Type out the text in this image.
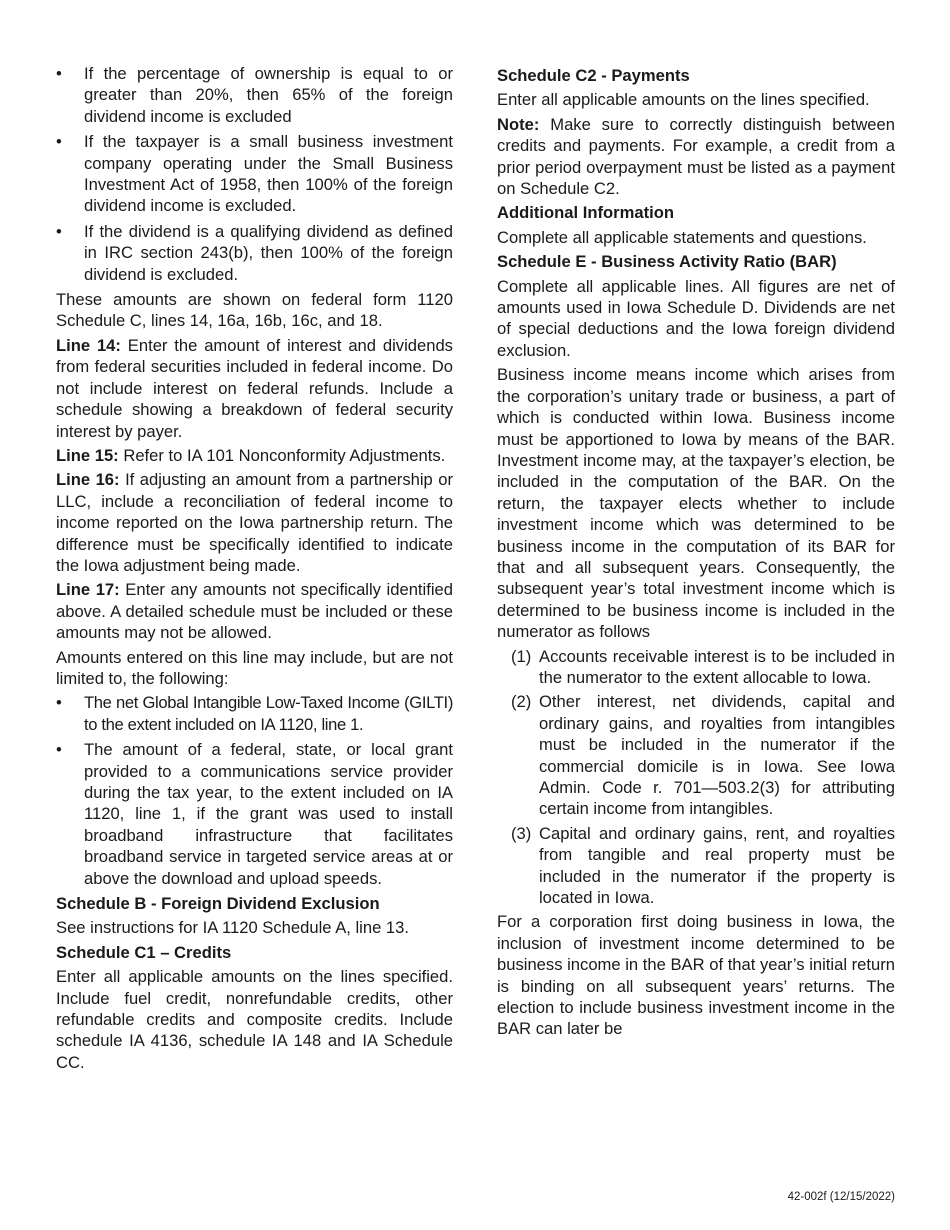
• If the percentage of ownership is equal to or greater than 20%, then 65% of the foreign dividend income is excluded
• If the taxpayer is a small business investment company operating under the Small Business Investment Act of 1958, then 100% of the foreign dividend income is excluded.
• If the dividend is a qualifying dividend as defined in IRC section 243(b), then 100% of the foreign dividend is excluded.

These amounts are shown on federal form 1120 Schedule C, lines 14, 16a, 16b, 16c, and 18.

Line 14: Enter the amount of interest and dividends from federal securities included in federal income. Do not include interest on federal refunds. Include a schedule showing a breakdown of federal security interest by payer.

Line 15: Refer to IA 101 Nonconformity Adjustments.

Line 16: If adjusting an amount from a partnership or LLC, include a reconciliation of federal income to income reported on the Iowa partnership return. The difference must be specifically identified to indicate the Iowa adjustment being made.

Line 17: Enter any amounts not specifically identified above. A detailed schedule must be included or these amounts may not be allowed.

Amounts entered on this line may include, but are not limited to, the following:

• The net Global Intangible Low-Taxed Income (GILTI) to the extent included on IA 1120, line 1.
• The amount of a federal, state, or local grant provided to a communications service provider during the tax year, to the extent included on IA 1120, line 1, if the grant was used to install broadband infrastructure that facilitates broadband service in targeted service areas at or above the download and upload speeds.
Schedule B - Foreign Dividend Exclusion

See instructions for IA 1120 Schedule A, line 13.

Schedule C1 – Credits

Enter all applicable amounts on the lines specified. Include fuel credit, nonrefundable credits, other refundable credits and composite credits. Include schedule IA 4136, schedule IA 148 and IA Schedule CC.

Schedule C2 - Payments

Enter all applicable amounts on the lines specified.

Note: Make sure to correctly distinguish between credits and payments. For example, a credit from a prior period overpayment must be listed as a payment on Schedule C2.

Additional Information

Complete all applicable statements and questions.

Schedule E - Business Activity Ratio (BAR)

Complete all applicable lines. All figures are net of amounts used in Iowa Schedule D. Dividends are net of special deductions and the Iowa foreign dividend exclusion.

Business income means income which arises from the corporation’s unitary trade or business, a part of which is conducted within Iowa. Business income must be apportioned to Iowa by means of the BAR. Investment income may, at the taxpayer’s election, be included in the computation of the BAR. On the return, the taxpayer elects whether to include investment income which was determined to be business income in the computation of its BAR for that and all subsequent years. Consequently, the subsequent year’s total investment income which is determined to be business income is included in the numerator as follows

(1) Accounts receivable interest is to be included in the numerator to the extent allocable to Iowa.
(2) Other interest, net dividends, capital and ordinary gains, and royalties from intangibles must be included in the numerator if the commercial domicile is in Iowa. See Iowa Admin. Code r. 701—503.2(3) for attributing certain income from intangibles.
(3) Capital and ordinary gains, rent, and royalties from tangible and real property must be included in the numerator if the property is located in Iowa.

For a corporation first doing business in Iowa, the inclusion of investment income determined to be business income in the BAR of that year’s initial return is binding on all subsequent years’ returns. The election to include business investment income in the BAR can later be

42-002f (12/15/2022)
